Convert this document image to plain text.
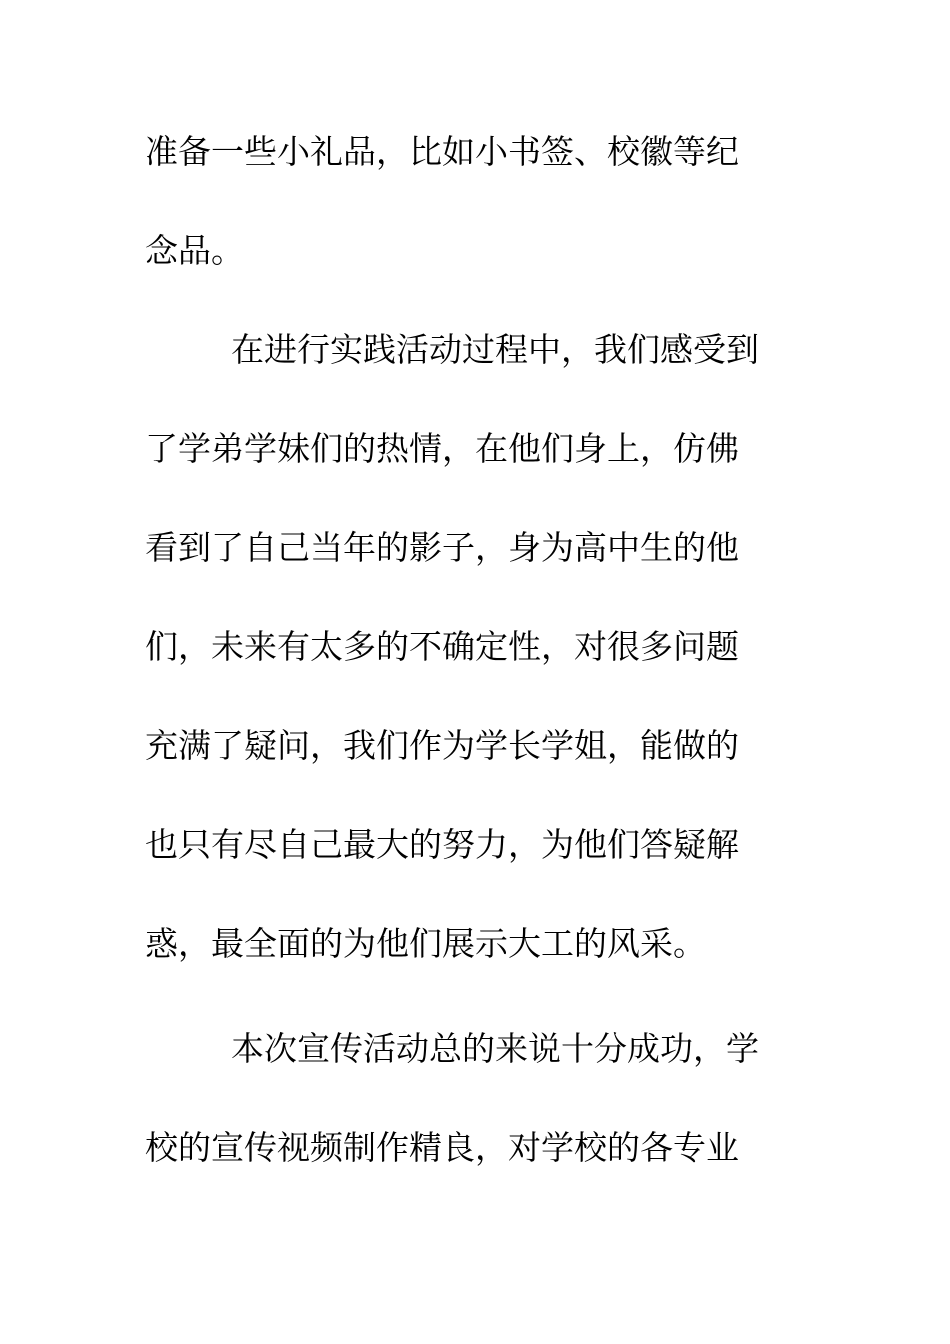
准备一些小礼品，比如小书签、校徽等纪
念品。
在进行实践活动过程中，我们感受到
了学弟学妹们的热情，在他们身上，仿佛
看到了自己当年的影子，身为高中生的他
们，未来有太多的不确定性，对很多问题
充满了疑问，我们作为学长学姐，能做的
也只有尽自己最大的努力，为他们答疑解
惑，最全面的为他们展示大工的风采。
本次宣传活动总的来说十分成功，学
校的宣传视频制作精良，对学校的各专业
